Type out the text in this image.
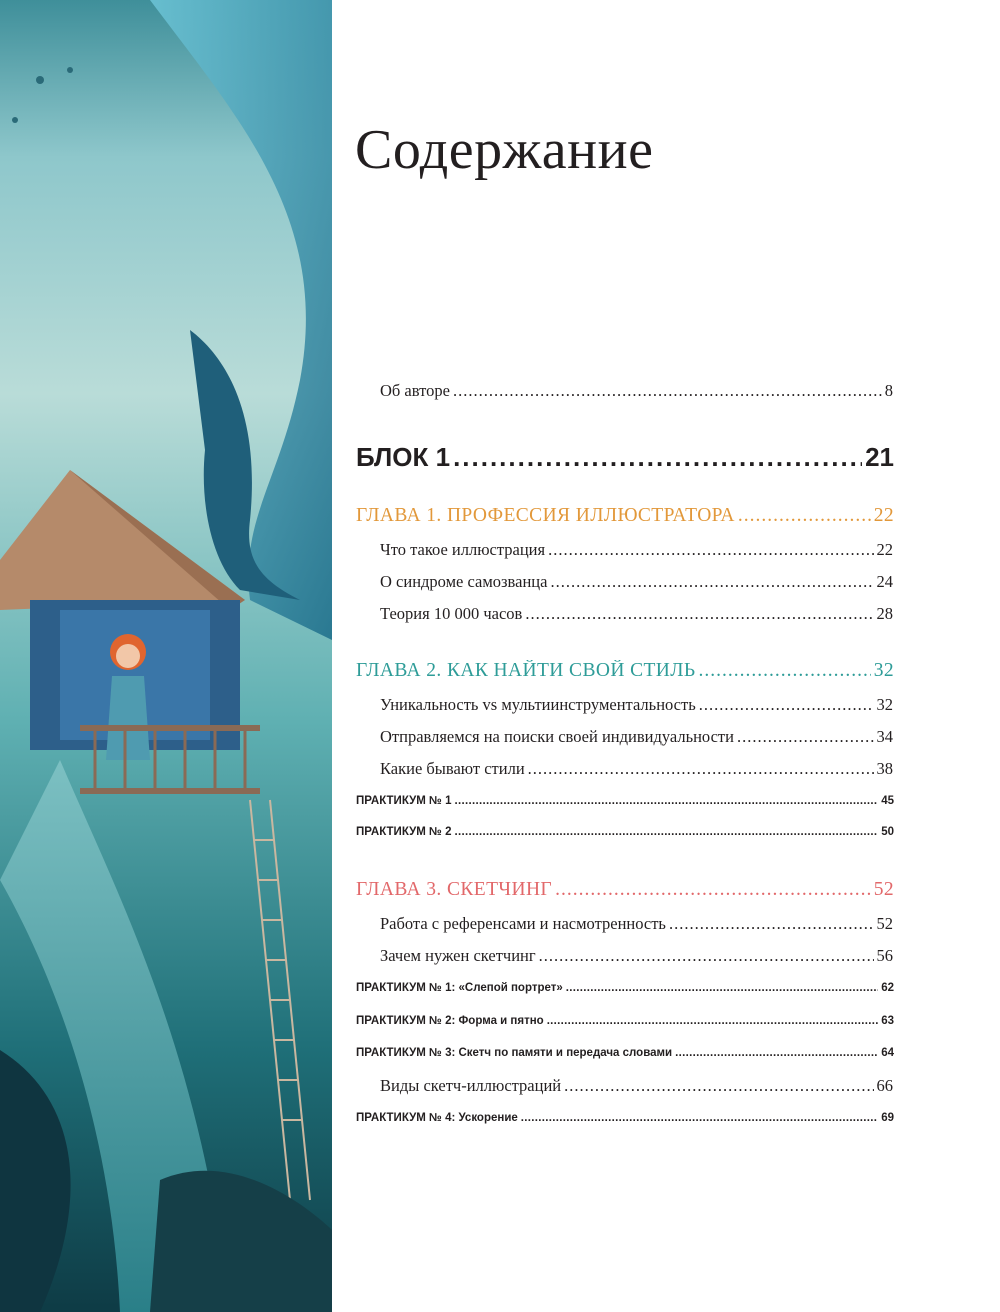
Содержание
Об авторе .....	8
БЛОК 1 .....	21
ГЛАВА 1. ПРОФЕССИЯ ИЛЛЮСТРАТОРА .....	22
Что такое иллюстрация .....	22
О синдроме самозванца .....	24
Теория 10 000 часов .....	28
ГЛАВА 2. КАК НАЙТИ СВОЙ СТИЛЬ .....	32
Уникальность vs мультиинструментальность .....	32
Отправляемся на поиски своей индивидуальности .....	34
Какие бывают стили .....	38
ПРАКТИКУМ № 1 .....	45
ПРАКТИКУМ № 2 .....	50
ГЛАВА 3. СКЕТЧИНГ .....	52
Работа с референсами и насмотренность .....	52
Зачем нужен скетчинг .....	56
ПРАКТИКУМ № 1: «Слепой портрет» .....	62
ПРАКТИКУМ № 2: Форма и пятно .....	63
ПРАКТИКУМ № 3: Скетч по памяти и передача словами .....	64
Виды скетч-иллюстраций .....	66
ПРАКТИКУМ № 4: Ускорение .....	69
